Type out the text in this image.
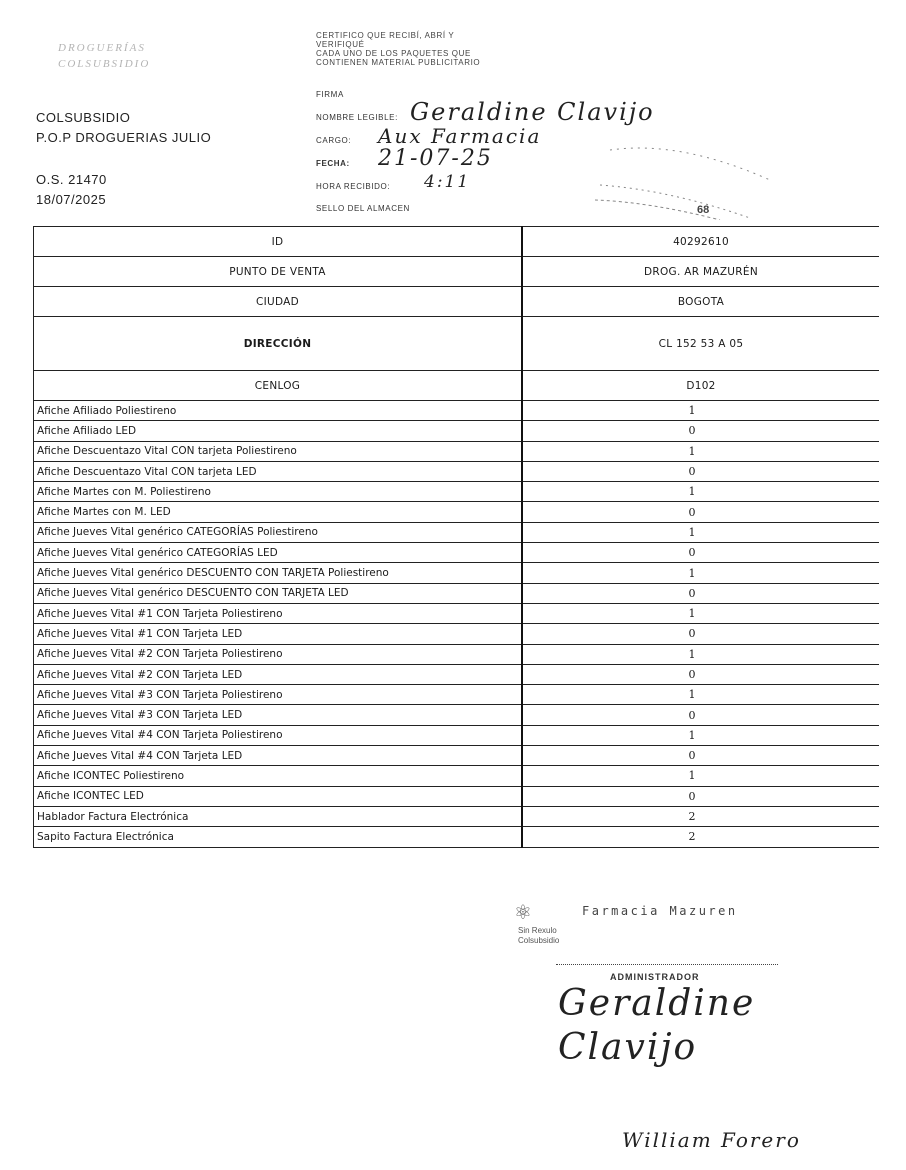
DROGUERÍAS COLSUBSIDIO
COLSUBSIDIO
P.O.P DROGUERIAS JULIO
O.S. 21470
18/07/2025
CERTIFICO QUE RECIBÍ, ABRÍ Y
VERIFIQUÉ
CADA UNO DE LOS PAQUETES QUE
CONTIENEN MATERIAL PUBLICITARIO
FIRMA
NOMBRE LEGIBLE: Geraldine Clavijo
CARGO: Aux Farmacia
FECHA: 21-07-25
HORA RECIBIDO: 4:11
SELLO DEL ALMACEN	68
ID	40292610
PUNTO DE VENTA	DROG. AR MAZURÉN
CIUDAD	BOGOTA
DIRECCIÓN	CL 152 53 A 05
CENLOG	D102
Afiche Afiliado Poliestireno	1
Afiche Afiliado LED	0
Afiche Descuentazo Vital CON tarjeta Poliestireno	1
Afiche Descuentazo Vital CON tarjeta LED	0
Afiche Martes con M. Poliestireno	1
Afiche Martes con M. LED	0
Afiche Jueves Vital genérico CATEGORÍAS Poliestireno	1
Afiche Jueves Vital genérico CATEGORÍAS LED	0
Afiche Jueves Vital genérico DESCUENTO CON TARJETA Poliestireno	1
Afiche Jueves Vital genérico DESCUENTO CON TARJETA LED	0
Afiche Jueves Vital #1 CON Tarjeta Poliestireno	1
Afiche Jueves Vital #1 CON Tarjeta LED	0
Afiche Jueves Vital #2 CON Tarjeta Poliestireno	1
Afiche Jueves Vital #2 CON Tarjeta LED	0
Afiche Jueves Vital #3 CON Tarjeta Poliestireno	1
Afiche Jueves Vital #3 CON Tarjeta LED	0
Afiche Jueves Vital #4 CON Tarjeta Poliestireno	1
Afiche Jueves Vital #4 CON Tarjeta LED	0
Afiche ICONTEC Poliestireno	1
Afiche ICONTEC LED	0
Hablador Factura Electrónica	2
Sapito Factura Electrónica	2
⚛	Farmacia Mazuren
Sin Rexulo
Colsubsidio
ADMINISTRADOR
Geraldine
Clavijo
William Forero
